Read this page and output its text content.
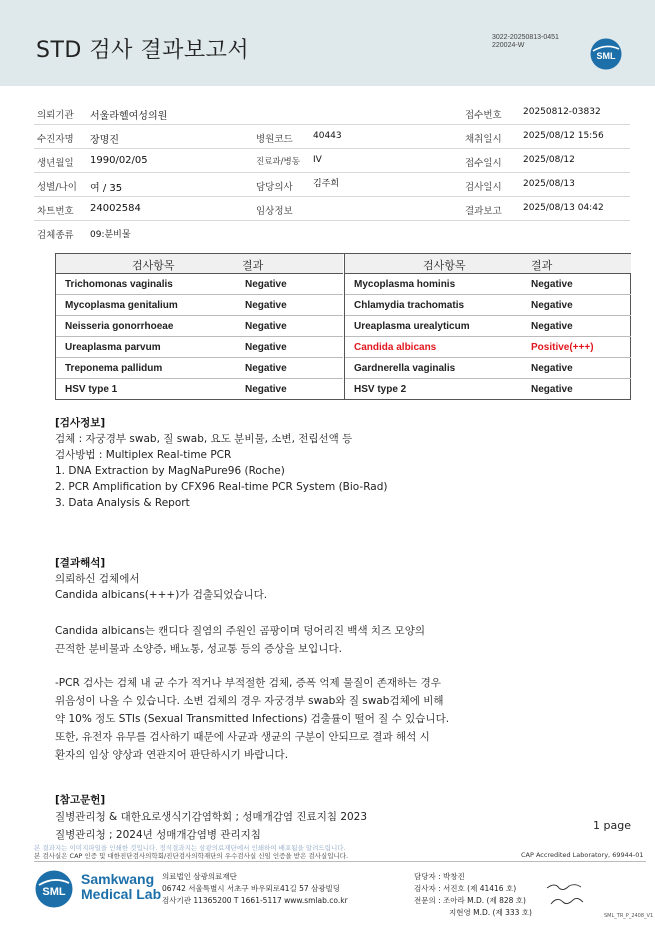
STD 검사 결과보고서
3022-20250813-0451
220024-W
SML
의뢰기관 서울라헬여성의원	접수번호 20250812-03832
수진자명 장명진	병원코드 40443	채취일시 2025/08/12 15:56
생년월일 1990/02/05	진료과/병동 IV	접수일시 2025/08/12
성별/나이 여 / 35	담당의사 김주희	검사일시 2025/08/13
차트번호 24002584	임상정보	결과보고 2025/08/13 04:42
검체종류 09:분비물
검사항목	결과
Trichomonas vaginalis	Negative
Mycoplasma genitalium	Negative
Neisseria gonorrhoeae	Negative
Ureaplasma parvum	Negative
Treponema pallidum	Negative
HSV type 1	Negative
검사항목	결과
Mycoplasma hominis	Negative
Chlamydia trachomatis	Negative
Ureaplasma urealyticum	Negative
Candida albicans	Positive(+++)
Gardnerella vaginalis	Negative
HSV type 2	Negative

[검사정보]

검체 : 자궁경부 swab, 질 swab, 요도 분비물, 소변, 전립선액 등

검사방법 : Multiplex Real-time PCR

1. DNA Extraction by MagNaPure96 (Roche)

2. PCR Amplification by CFX96 Real-time PCR System (Bio-Rad)

3. Data Analysis & Report

[결과해석]

의뢰하신 검체에서

Candida albicans(+++)가 검출되었습니다.

Candida albicans는 캔디다 질염의 주원인 곰팡이며 덩어리진 백색 치즈 모양의

끈적한 분비물과 소양증, 배뇨통, 성교통 등의 증상을 보입니다.

-PCR 검사는 검체 내 균 수가 적거나 부적절한 검체, 증폭 억제 물질이 존재하는 경우

위음성이 나올 수 있습니다. 소변 검체의 경우 자궁경부 swab와 질 swab검체에 비해

약 10% 정도 STIs (Sexual Transmitted Infections) 검출률이 떨어 질 수 있습니다.

또한, 유전자 유무를 검사하기 때문에 사균과 생균의 구분이 안되므로 결과 해석 시

환자의 임상 양상과 연관지어 판단하시기 바랍니다.

[참고문헌]

질병관리청 & 대한요로생식기감염학회 ; 성매개감염 진료지침 2023

질병관리청 ; 2024년 성매개감염병 관리지침

1 page
본 결과지는 이미지파일을 인쇄한 것입니다. 정식결과지는 삼광의료재단에서 인쇄하여 배포됨을 알려드립니다.
본 검사실은 CAP 인증 및 대한진단검사의학회/진단검사의학재단의 우수검사실 신임 인증을 받은 검사실입니다.	CAP Accredited Laboratory, 69944-01
SML
Samkwang
Medical Lab
의료법인 삼광의료재단
06742 서울특별시 서초구 바우뫼로41길 57 삼광빌딩
검사기관 11365200 T 1661-5117 www.smlab.co.kr
담당자 : 박창진
검사자 : 서진호 (제 41416 호)
전문의 : 조아라 M.D. (제 828 호)
지현영 M.D. (제 333 호)	SML_TR_P_2408_V1
